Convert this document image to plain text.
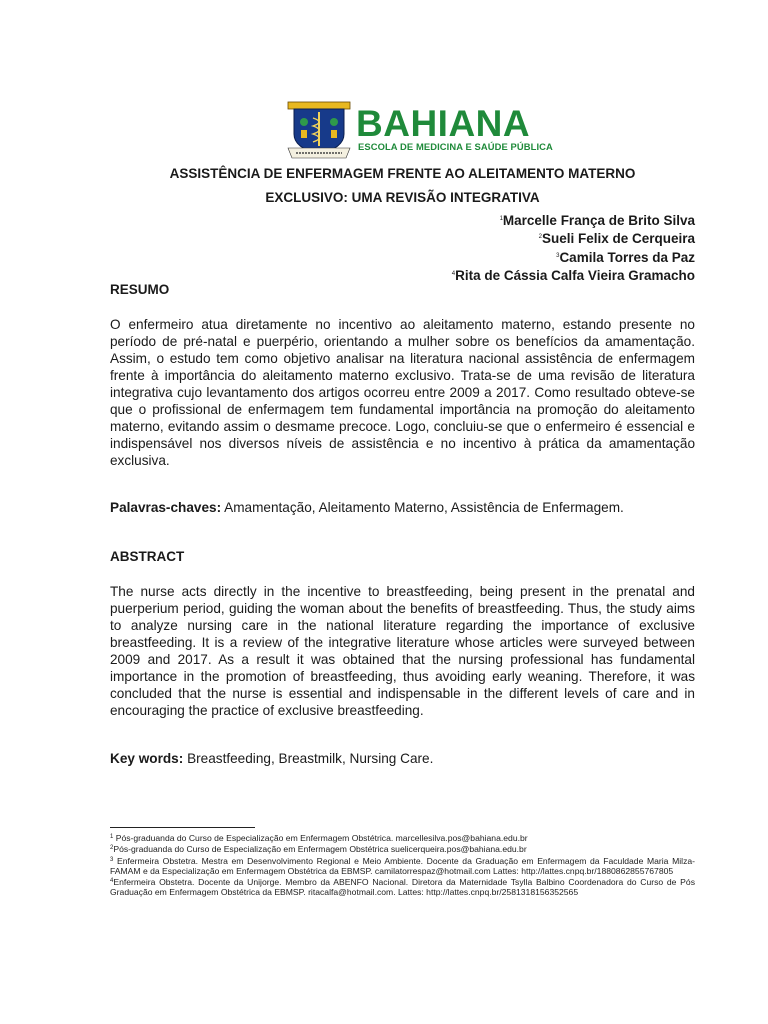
BAHIANA
ESCOLA DE MEDICINA E SAÚDE PÚBLICA
ASSISTÊNCIA DE ENFERMAGEM FRENTE AO ALEITAMENTO MATERNO
EXCLUSIVO: UMA REVISÃO INTEGRATIVA
$^1$Marcelle França de Brito Silva
$^2$Sueli Felix de Cerqueira
$^3$Camila Torres da Paz
$^4$Rita de Cássia Calfa Vieira Gramacho
RESUMO

O enfermeiro atua diretamente no incentivo ao aleitamento materno, estando presente no período de pré-natal e puerpério, orientando a mulher sobre os benefícios da amamentação. Assim, o estudo tem como objetivo analisar na literatura nacional assistência de enfermagem frente à importância do aleitamento materno exclusivo. Trata-se de uma revisão de literatura integrativa cujo levantamento dos artigos ocorreu entre 2009 a 2017. Como resultado obteve-se que o profissional de enfermagem tem fundamental importância na promoção do aleitamento materno, evitando assim o desmame precoce. Logo, concluiu-se que o enfermeiro é essencial e indispensável nos diversos níveis de assistência e no incentivo à prática da amamentação exclusiva.

Palavras-chaves: Amamentação, Aleitamento Materno, Assistência de Enfermagem.

ABSTRACT

The nurse acts directly in the incentive to breastfeeding, being present in the prenatal and puerperium period, guiding the woman about the benefits of breastfeeding. Thus, the study aims to analyze nursing care in the national literature regarding the importance of exclusive breastfeeding. It is a review of the integrative literature whose articles were surveyed between 2009 and 2017. As a result it was obtained that the nursing professional has fundamental importance in the promotion of breastfeeding, thus avoiding early weaning. Therefore, it was concluded that the nurse is essential and indispensable in the different levels of care and in encouraging the practice of exclusive breastfeeding.

Key words: Breastfeeding, Breastmilk, Nursing Care.

$^1$ Pós-graduanda do Curso de Especialização em Enfermagem Obstétrica. marcellesilva.pos@bahiana.edu.br

$^2$Pós-graduanda do Curso de Especialização em Enfermagem Obstétrica suelicerqueira.pos@bahiana.edu.br

$^3$ Enfermeira Obstetra. Mestra em Desenvolvimento Regional e Meio Ambiente. Docente da Graduação em Enfermagem da Faculdade Maria Milza-FAMAM e da Especialização em Enfermagem Obstétrica da EBMSP. camilatorrespaz@hotmail.com Lattes: http://lattes.cnpq.br/1880862855767805

$^4$Enfermeira Obstetra. Docente da Unijorge. Membro da ABENFO Nacional. Diretora da Maternidade Tsylla Balbino Coordenadora do Curso de Pós Graduação em Enfermagem Obstétrica da EBMSP. ritacalfa@hotmail.com. Lattes: http://lattes.cnpq.br/2581318156352565
